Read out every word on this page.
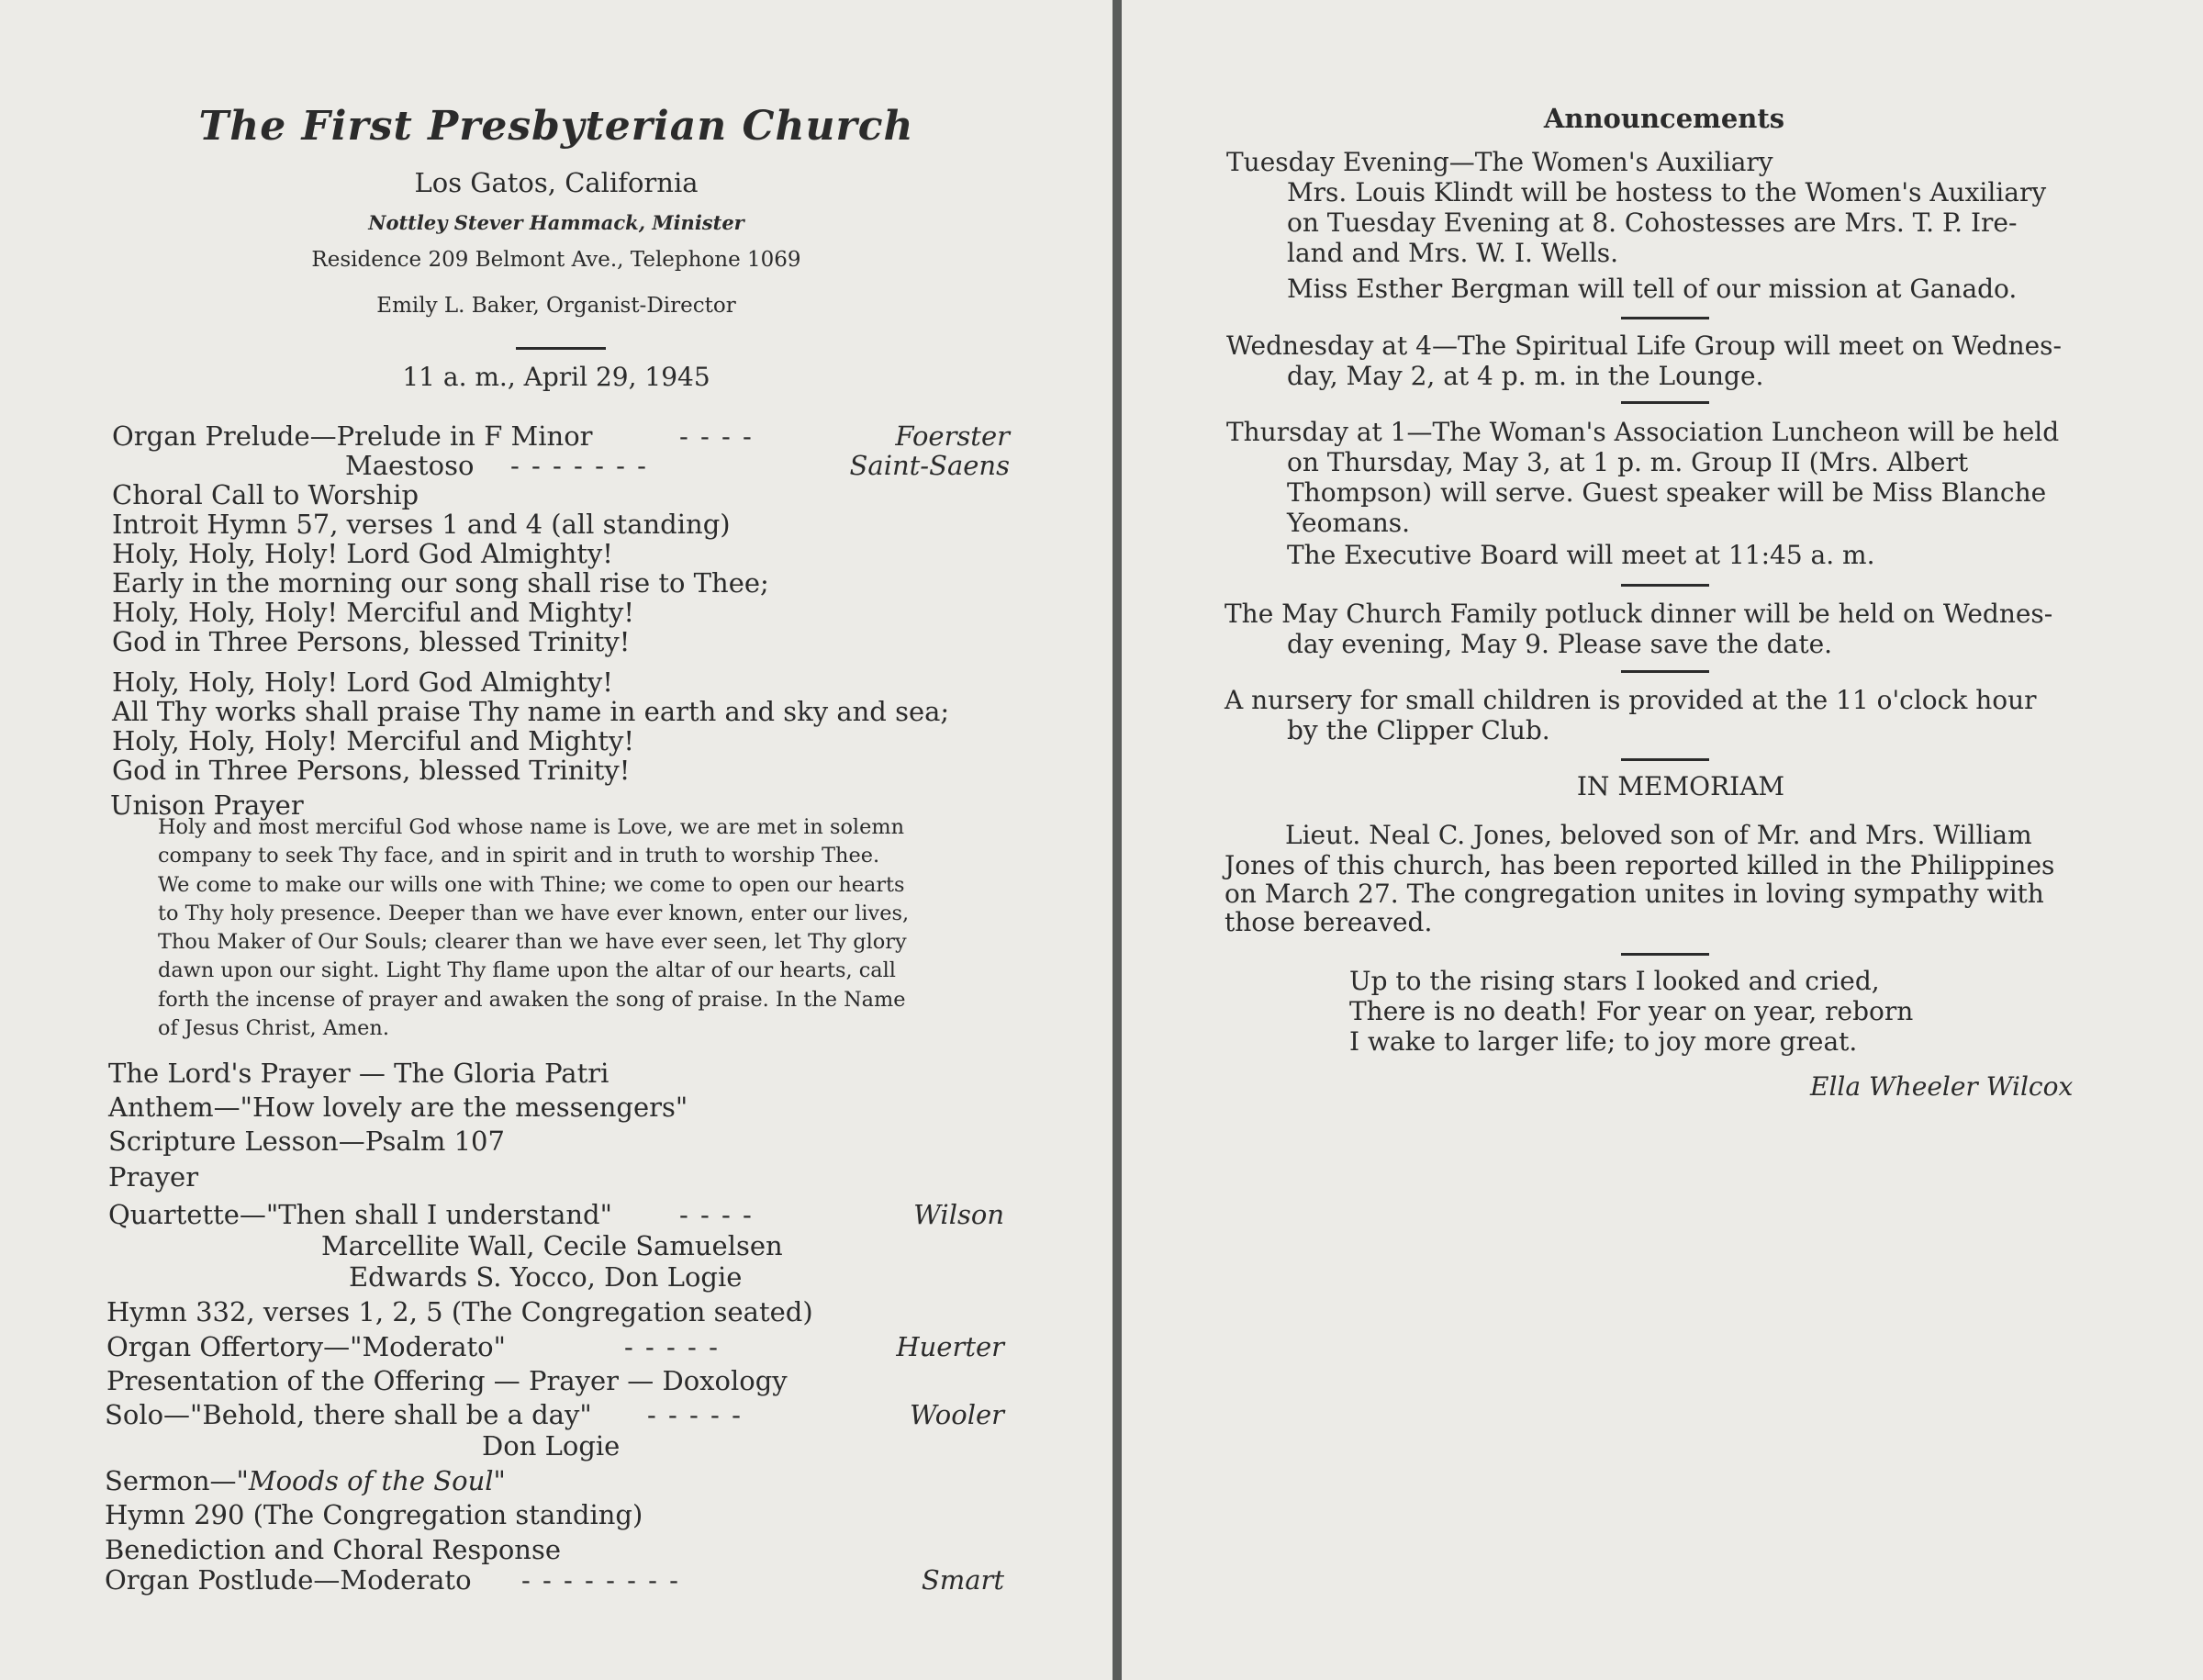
The First Presbyterian Church
Los Gatos, California
Nottley Stever Hammack, Minister
Residence 209 Belmont Ave., Telephone 1069
Emily L. Baker, Organist-Director
11 a. m., April 29, 1945
Organ Prelude—Prelude in F Minor	- - - -	Foerster
Maestoso - - - - - - -	Saint-Saens
Choral Call to Worship
Introit Hymn 57, verses 1 and 4 (all standing)
Holy, Holy, Holy! Lord God Almighty!
Early in the morning our song shall rise to Thee;
Holy, Holy, Holy! Merciful and Mighty!
God in Three Persons, blessed Trinity!
Holy, Holy, Holy! Lord God Almighty!
All Thy works shall praise Thy name in earth and sky and sea;
Holy, Holy, Holy! Merciful and Mighty!
God in Three Persons, blessed Trinity!
Unison Prayer
Holy and most merciful God whose name is Love, we are met in solemn
company to seek Thy face, and in spirit and in truth to worship Thee.
We come to make our wills one with Thine; we come to open our hearts
to Thy holy presence. Deeper than we have ever known, enter our lives,
Thou Maker of Our Souls; clearer than we have ever seen, let Thy glory
dawn upon our sight. Light Thy flame upon the altar of our hearts, call
forth the incense of prayer and awaken the song of praise. In the Name
of Jesus Christ, Amen.
The Lord's Prayer — The Gloria Patri
Anthem—"How lovely are the messengers"
Scripture Lesson—Psalm 107
Prayer
Quartette—"Then shall I understand"	- - - -	Wilson
Marcellite Wall, Cecile Samuelsen
Edwards S. Yocco, Don Logie
Hymn 332, verses 1, 2, 5 (The Congregation seated)
Organ Offertory—"Moderato"	- - - - -	Huerter
Presentation of the Offering — Prayer — Doxology
Solo—"Behold, there shall be a day" - - - - -	Wooler
Don Logie
Sermon—"Moods of the Soul"
Hymn 290 (The Congregation standing)
Benediction and Choral Response
Organ Postlude—Moderato - - - - - - - -	Smart
Announcements
Tuesday Evening—The Women's Auxiliary
Mrs. Louis Klindt will be hostess to the Women's Auxiliary
on Tuesday Evening at 8. Cohostesses are Mrs. T. P. Ire-
land and Mrs. W. I. Wells.
Miss Esther Bergman will tell of our mission at Ganado.
Wednesday at 4—The Spiritual Life Group will meet on Wednes-
day, May 2, at 4 p. m. in the Lounge.
Thursday at 1—The Woman's Association Luncheon will be held
on Thursday, May 3, at 1 p. m. Group II (Mrs. Albert
Thompson) will serve. Guest speaker will be Miss Blanche
Yeomans.
The Executive Board will meet at 11:45 a. m.
The May Church Family potluck dinner will be held on Wednes-
day evening, May 9. Please save the date.
A nursery for small children is provided at the 11 o'clock hour
by the Clipper Club.
IN MEMORIAM
Lieut. Neal C. Jones, beloved son of Mr. and Mrs. William
Jones of this church, has been reported killed in the Philippines
on March 27. The congregation unites in loving sympathy with
those bereaved.
Up to the rising stars I looked and cried,
There is no death! For year on year, reborn
I wake to larger life; to joy more great.
Ella Wheeler Wilcox
